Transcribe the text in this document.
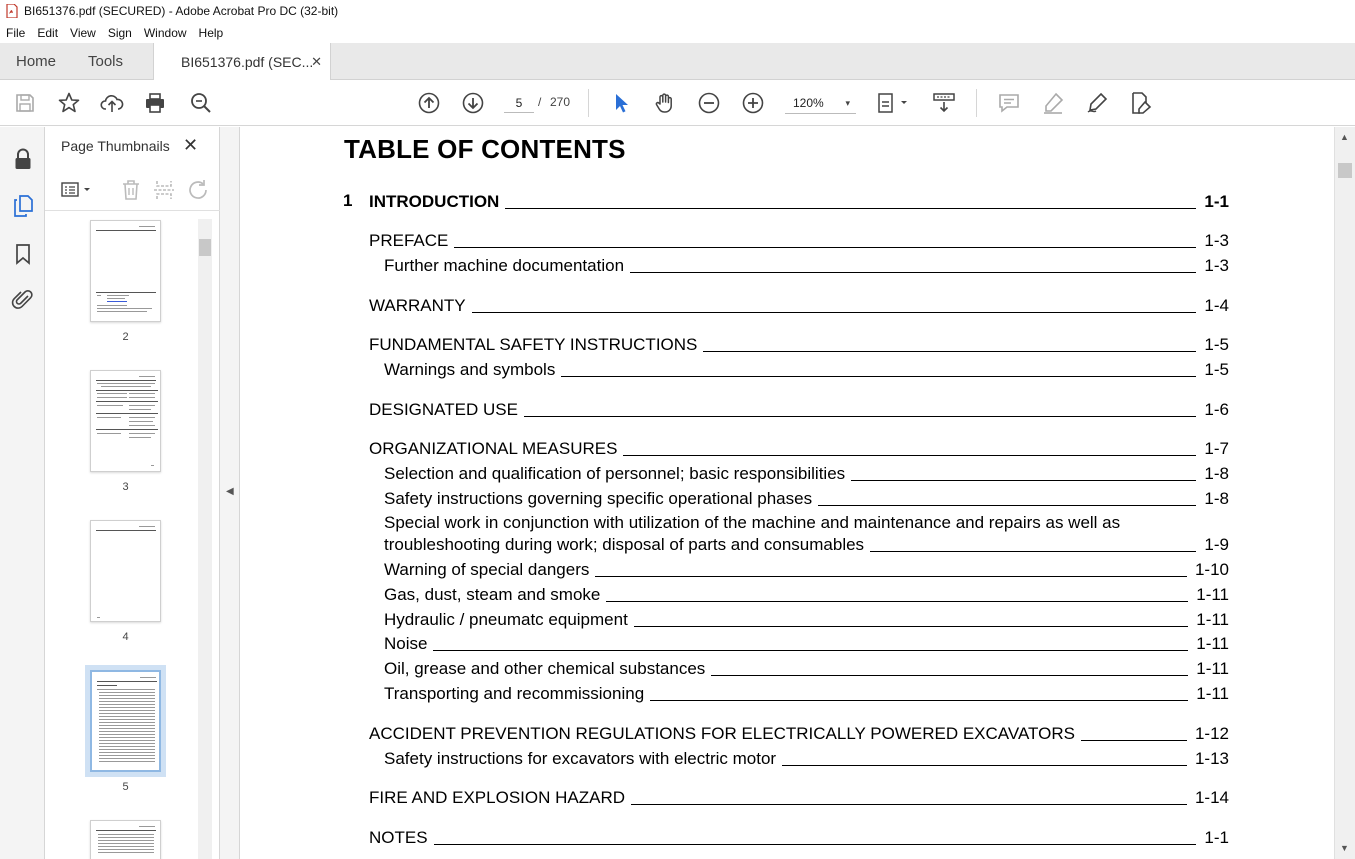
BI651376.pdf (SECURED) - Adobe Acrobat Pro DC (32-bit)
File Edit View Sign Window Help
Home Tools	BI651376.pdf (SEC...
✕
5
/ 270	120% ▾
Page Thumbnails ✕
2
3
4
5
◀
TABLE OF CONTENTS
1 INTRODUCTION	1-1
PREFACE	1-3
Further machine documentation	1-3
WARRANTY	1-4
FUNDAMENTAL SAFETY INSTRUCTIONS	1-5
Warnings and symbols	1-5
DESIGNATED USE	1-6
ORGANIZATIONAL MEASURES	1-7
Selection and qualification of personnel; basic responsibilities	1-8
Safety instructions governing specific operational phases	1-8
Special work in conjunction with utilization of the machine and maintenance and repairs as well as
troubleshooting during work; disposal of parts and consumables	1-9
Warning of special dangers	1-10
Gas, dust, steam and smoke	1-11
Hydraulic / pneumatc equipment	1-11
Noise	1-11
Oil, grease and other chemical substances	1-11
Transporting and recommissioning	1-11
ACCIDENT PREVENTION REGULATIONS FOR ELECTRICALLY POWERED EXCAVATORS	1-12
Safety instructions for excavators with electric motor	1-13
FIRE AND EXPLOSION HAZARD	1-14
NOTES	1-1
▲
▼
